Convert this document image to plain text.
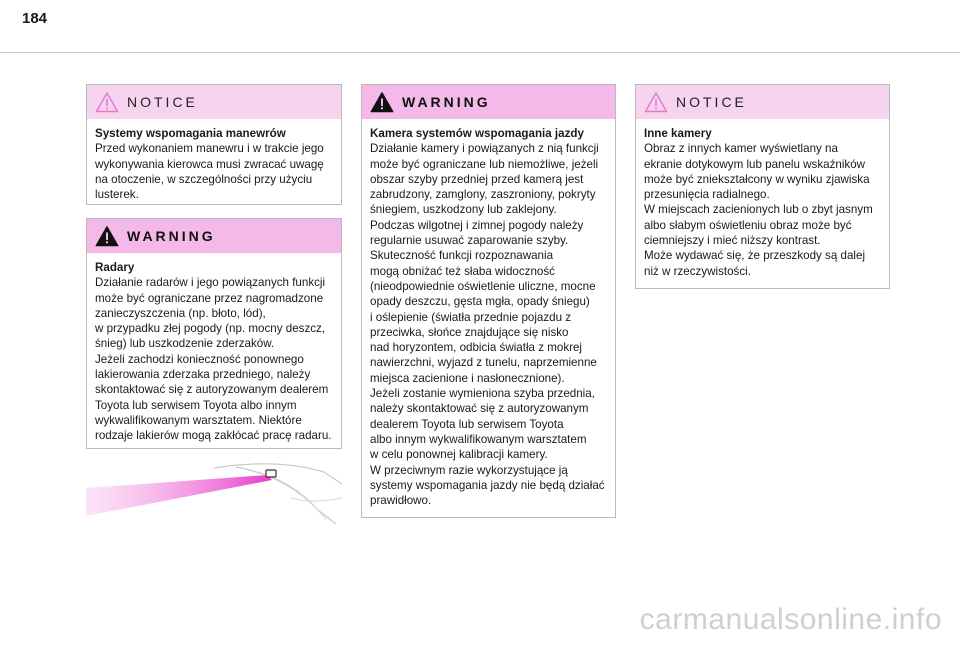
184
NOTICE
Systemy wspomagania manewrów
Przed wykonaniem manewru i w trakcie jego
wykonywania kierowca musi zwracać uwagę
na otoczenie, w szczególności przy użyciu
lusterek.
WARNING
Radary
Działanie radarów i jego powiązanych funkcji
może być ograniczane przez nagromadzone
zanieczyszczenia (np. błoto, lód),
w przypadku złej pogody (np. mocny deszcz,
śnieg) lub uszkodzenie zderzaków.
Jeżeli zachodzi konieczność ponownego
lakierowania zderzaka przedniego, należy
skontaktować się z autoryzowanym dealerem
Toyota lub serwisem Toyota albo innym
wykwalifikowanym warsztatem. Niektóre
rodzaje lakierów mogą zakłócać pracę radaru.
WARNING
Kamera systemów wspomagania jazdy
Działanie kamery i powiązanych z nią funkcji
może być ograniczane lub niemożliwe, jeżeli
obszar szyby przedniej przed kamerą jest
zabrudzony, zamglony, zaszroniony, pokryty
śniegiem, uszkodzony lub zaklejony.
Podczas wilgotnej i zimnej pogody należy
regularnie usuwać zaparowanie szyby.
Skuteczność funkcji rozpoznawania
mogą obniżać też słaba widoczność
(nieodpowiednie oświetlenie uliczne, mocne
opady deszczu, gęsta mgła, opady śniegu)
i oślepienie (światła przednie pojazdu z
przeciwka, słońce znajdujące się nisko
nad horyzontem, odbicia światła z mokrej
nawierzchni, wyjazd z tunelu, naprzemienne
miejsca zacienione i nasłonecznione).
Jeżeli zostanie wymieniona szyba przednia,
należy skontaktować się z autoryzowanym
dealerem Toyota lub serwisem Toyota
albo innym wykwalifikowanym warsztatem
w celu ponownej kalibracji kamery.
W przeciwnym razie wykorzystujące ją
systemy wspomagania jazdy nie będą działać
prawidłowo.
NOTICE
Inne kamery
Obraz z innych kamer wyświetlany na
ekranie dotykowym lub panelu wskaźników
może być zniekształcony w wyniku zjawiska
przesunięcia radialnego.
W miejscach zacienionych lub o zbyt jasnym
albo słabym oświetleniu obraz może być
ciemniejszy i mieć niższy kontrast.
Może wydawać się, że przeszkody są dalej
niż w rzeczywistości.
carmanualsonline.info
